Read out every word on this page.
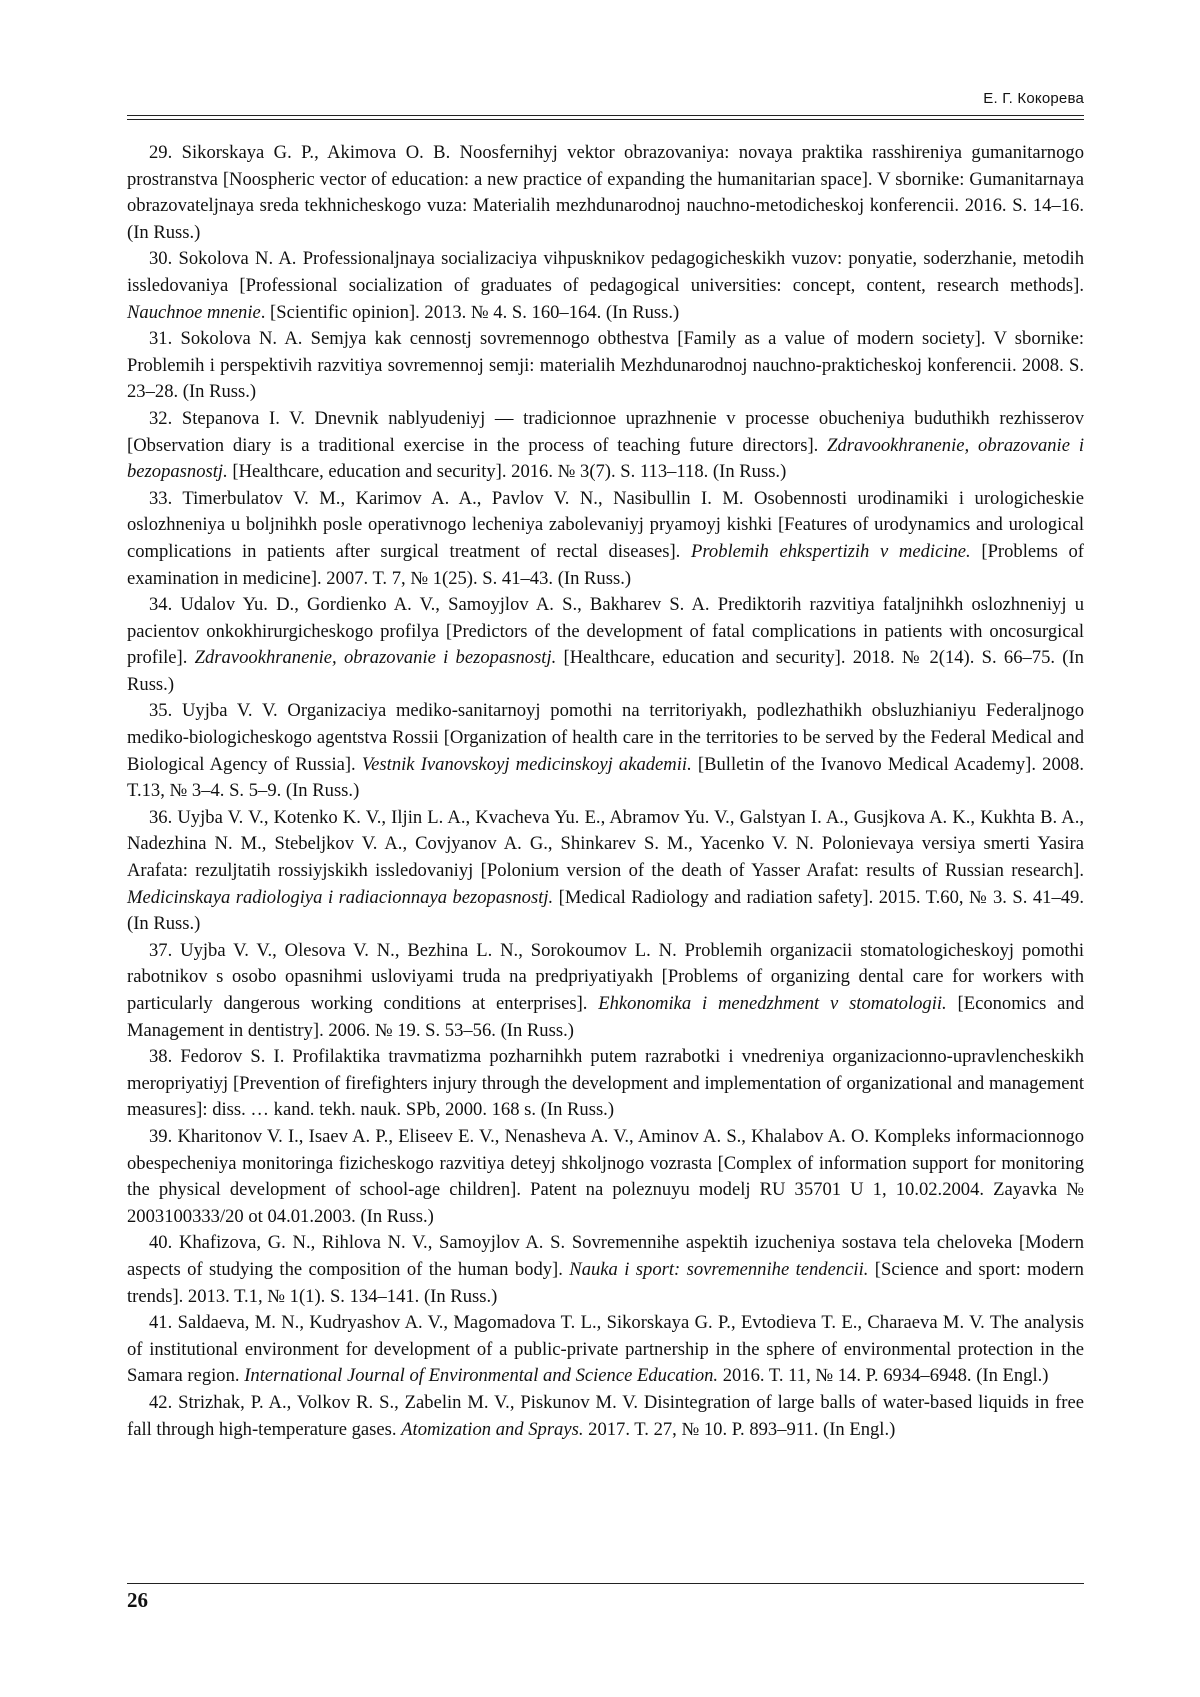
Е. Г. Кокорева

29. Sikorskaya G. P., Akimova O. B. Noosfernihyj vektor obrazovaniya: novaya praktika rasshireniya gumanitarnogo prostranstva [Noospheric vector of education: a new practice of expanding the humanitarian space]. V sbornike: Gumanitarnaya obrazovateljnaya sreda tekhnicheskogo vuza: Materialih mezhdunarodnoj nauchno-metodicheskoj konferencii. 2016. S. 14–16. (In Russ.)

30. Sokolova N. A. Professionaljnaya socializaciya vihpusknikov pedagogicheskikh vuzov: ponyatie, soderzhanie, metodih issledovaniya [Professional socialization of graduates of pedagogical universities: concept, content, research methods]. Nauchnoe mnenie. [Scientific opinion]. 2013. № 4. S. 160–164. (In Russ.)

31. Sokolova N. A. Semjya kak cennostj sovremennogo obthestva [Family as a value of modern society]. V sbornike: Problemih i perspektivih razvitiya sovremennoj semji: materialih Mezhdunarodnoj nauchno-prakticheskoj konferencii. 2008. S. 23–28. (In Russ.)

32. Stepanova I. V. Dnevnik nablyudeniyj — tradicionnoe uprazhnenie v processe obucheniya buduthikh rezhisserov [Observation diary is a traditional exercise in the process of teaching future directors]. Zdravookhranenie, obrazovanie i bezopasnostj. [Healthcare, education and security]. 2016. № 3(7). S. 113–118. (In Russ.)

33. Timerbulatov V. M., Karimov A. A., Pavlov V. N., Nasibullin I. M. Osobennosti urodinamiki i urologicheskie oslozhneniya u boljnihkh posle operativnogo lecheniya zabolevaniyj pryamoyj kishki [Features of urodynamics and urological complications in patients after surgical treatment of rectal diseases]. Problemih ehkspertizih v medicine. [Problems of examination in medicine]. 2007. T. 7, № 1(25). S. 41–43. (In Russ.)

34. Udalov Yu. D., Gordienko A. V., Samoyjlov A. S., Bakharev S. A. Prediktorih razvitiya fataljnihkh oslozhneniyj u pacientov onkokhirurgicheskogo profilya [Predictors of the development of fatal complications in patients with oncosurgical profile]. Zdravookhranenie, obrazovanie i bezopasnostj. [Healthcare, education and security]. 2018. № 2(14). S. 66–75. (In Russ.)

35. Uyjba V. V. Organizaciya mediko-sanitarnoyj pomothi na territoriyakh, podlezhathikh obsluzhianiyu Federaljnogo mediko-biologicheskogo agentstva Rossii [Organization of health care in the territories to be served by the Federal Medical and Biological Agency of Russia]. Vestnik Ivanovskoyj medicinskoyj akademii. [Bulletin of the Ivanovo Medical Academy]. 2008. T.13, № 3–4. S. 5–9. (In Russ.)

36. Uyjba V. V., Kotenko K. V., Iljin L. A., Kvacheva Yu. E., Abramov Yu. V., Galstyan I. A., Gusjkova A. K., Kukhta B. A., Nadezhina N. M., Stebeljkov V. A., Covjyanov A. G., Shinkarev S. M., Yacenko V. N. Polonievaya versiya smerti Yasira Arafata: rezuljtatih rossiyjskikh issledovaniyj [Polonium version of the death of Yasser Arafat: results of Russian research]. Medicinskaya radiologiya i radiacionnaya bezopasnostj. [Medical Radiology and radiation safety]. 2015. T.60, № 3. S. 41–49. (In Russ.)

37. Uyjba V. V., Olesova V. N., Bezhina L. N., Sorokoumov L. N. Problemih organizacii stomatologicheskoyj pomothi rabotnikov s osobo opasnihmi usloviyami truda na predpriyatiyakh [Problems of organizing dental care for workers with particularly dangerous working conditions at enterprises]. Ehkonomika i menedzhment v stomatologii. [Economics and Management in dentistry]. 2006. № 19. S. 53–56. (In Russ.)

38. Fedorov S. I. Profilaktika travmatizma pozharnihkh putem razrabotki i vnedreniya organizacionno-upravlencheskikh meropriyatiyj [Prevention of firefighters injury through the development and implementation of organizational and management measures]: diss. … kand. tekh. nauk. SPb, 2000. 168 s. (In Russ.)

39. Kharitonov V. I., Isaev A. P., Eliseev E. V., Nenasheva A. V., Aminov A. S., Khalabov A. O. Kompleks informacionnogo obespecheniya monitoringa fizicheskogo razvitiya deteyj shkoljnogo vozrasta [Complex of information support for monitoring the physical development of school-age children]. Patent na poleznuyu modelj RU 35701 U 1, 10.02.2004. Zayavka № 2003100333/20 ot 04.01.2003. (In Russ.)

40. Khafizova, G. N., Rihlova N. V., Samoyjlov A. S. Sovremennihe aspektih izucheniya sostava tela cheloveka [Modern aspects of studying the composition of the human body]. Nauka i sport: sovremennihe tendencii. [Science and sport: modern trends]. 2013. T.1, № 1(1). S. 134–141. (In Russ.)

41. Saldaeva, M. N., Kudryashov A. V., Magomadova T. L., Sikorskaya G. P., Evtodieva T. E., Charaeva M. V. The analysis of institutional environment for development of a public-private partnership in the sphere of environmental protection in the Samara region. International Journal of Environmental and Science Education. 2016. T. 11, № 14. P. 6934–6948. (In Engl.)

42. Strizhak, P. A., Volkov R. S., Zabelin M. V., Piskunov M. V. Disintegration of large balls of water-based liquids in free fall through high-temperature gases. Atomization and Sprays. 2017. T. 27, № 10. P. 893–911. (In Engl.)

26
